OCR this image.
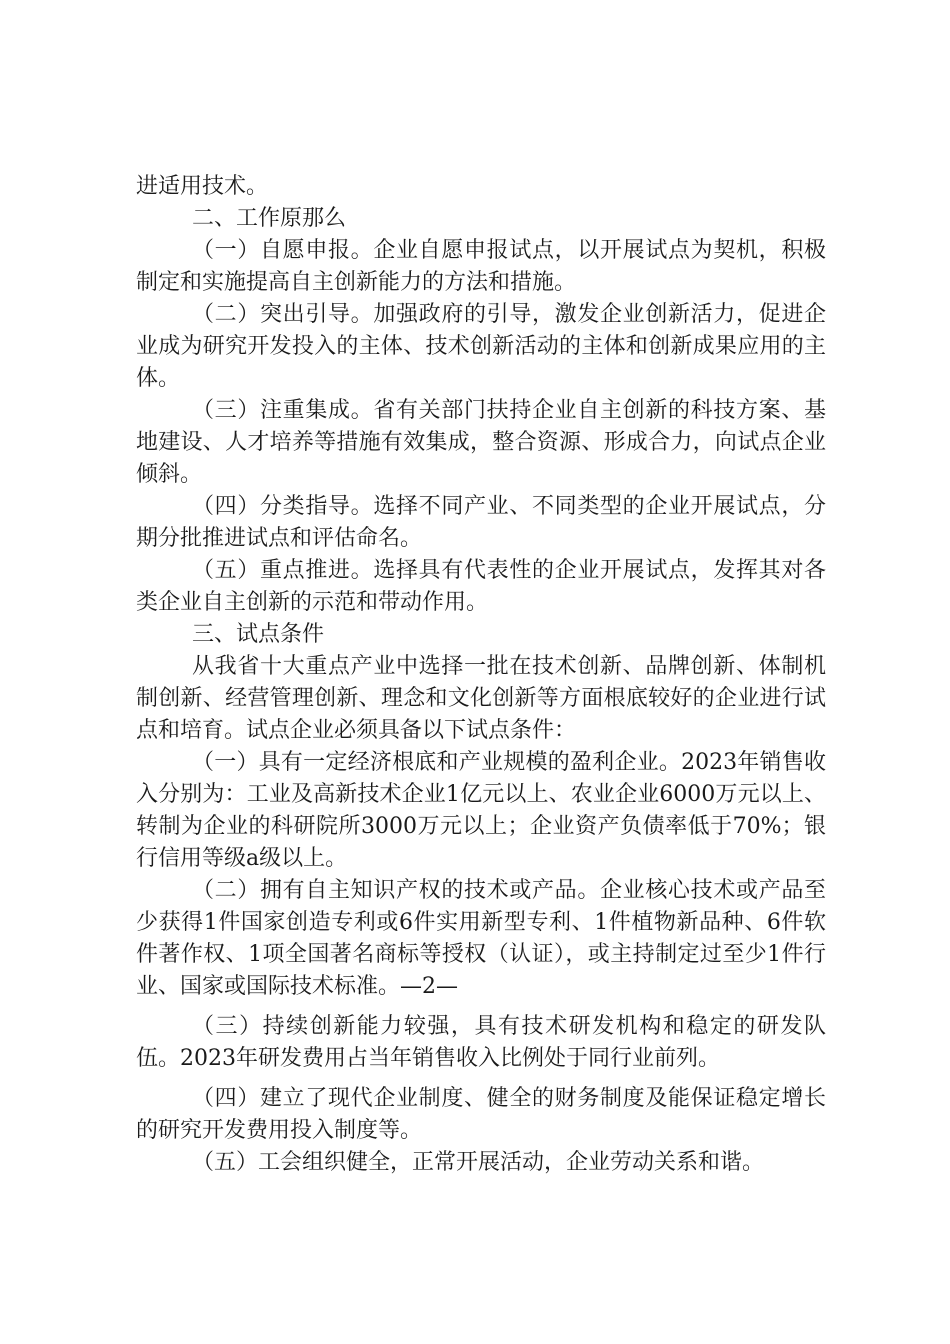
进适用技术。

二、工作原那么

（一）自愿申报。企业自愿申报试点，以开展试点为契机，积极制定和实施提高自主创新能力的方法和措施。

（二）突出引导。加强政府的引导，激发企业创新活力，促进企业成为研究开发投入的主体、技术创新活动的主体和创新成果应用的主体。

（三）注重集成。省有关部门扶持企业自主创新的科技方案、基地建设、人才培养等措施有效集成，整合资源、形成合力，向试点企业倾斜。

（四）分类指导。选择不同产业、不同类型的企业开展试点，分期分批推进试点和评估命名。

（五）重点推进。选择具有代表性的企业开展试点，发挥其对各类企业自主创新的示范和带动作用。

三、试点条件

从我省十大重点产业中选择一批在技术创新、品牌创新、体制机制创新、经营管理创新、理念和文化创新等方面根底较好的企业进行试点和培育。试点企业必须具备以下试点条件：

（一）具有一定经济根底和产业规模的盈利企业。2023年销售收入分别为：工业及高新技术企业1亿元以上、农业企业6000万元以上、转制为企业的科研院所3000万元以上；企业资产负债率低于70%；银行信用等级a级以上。

（二）拥有自主知识产权的技术或产品。企业核心技术或产品至少获得1件国家创造专利或6件实用新型专利、1件植物新品种、6件软件著作权、1项全国著名商标等授权（认证），或主持制定过至少1件行业、国家或国际技术标准。—2—

（三）持续创新能力较强，具有技术研发机构和稳定的研发队伍。2023年研发费用占当年销售收入比例处于同行业前列。

（四）建立了现代企业制度、健全的财务制度及能保证稳定增长的研究开发费用投入制度等。

（五）工会组织健全，正常开展活动，企业劳动关系和谐。
